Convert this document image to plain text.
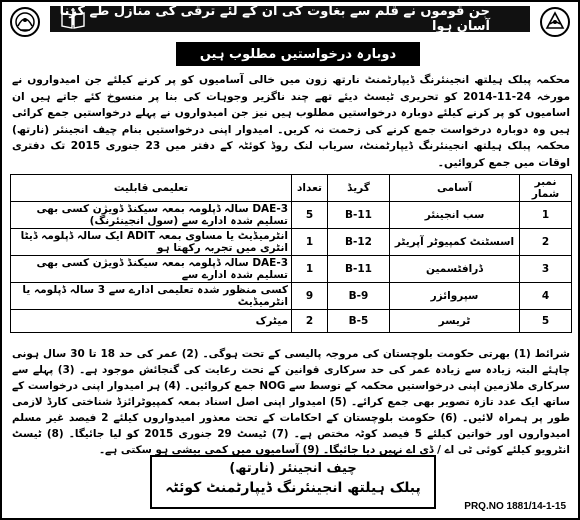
جن قوموں نے قلم سے بغاوت کی ان کے لئے ترقی کی منازل طے کرنا آسان ہوا
دوبارہ درخواستیں مطلوب ہیں

محکمہ پبلک ہیلتھ انجینئرنگ ڈیپارٹمنٹ نارتھ زون میں خالی آسامیوں کو پر کرنے کیلئے جن امیدواروں نے مورخہ 24-11-2014 کو تحریری ٹیسٹ دیئے تھے چند ناگزیر وجوہات کی بنا پر منسوخ کئے جاتے ہیں ان اسامیوں کو پر کرنے کیلئے دوبارہ درخواستیں مطلوب ہیں نیز جن امیدواروں نے پہلے درخواستیں جمع کرائی ہیں وہ دوبارہ درخواست جمع کرنے کی زحمت نہ کریں۔ امیدوار اپنی درخواستیں بنام چیف انجینئر (نارتھ) محکمہ پبلک ہیلتھ انجینئرنگ ڈیپارٹمنٹ، سریاب لنک روڈ کوئٹہ کے دفتر میں 23 جنوری 2015 تک دفتری اوقات میں جمع کروائیں۔

نمبر شمار	آسامی	گریڈ	تعداد	تعلیمی قابلیت
1	سب انجینئر	B-11	5	3-DAE سالہ ڈپلومہ بمعہ سیکنڈ ڈویژن کسی بھی تسلیم شدہ ادارے سے (سول انجینئرنگ)
2	اسسٹنٹ کمپیوٹر آپریٹر	B-12	1	انٹرمیڈیٹ یا مساوی بمعہ ADIT ایک سالہ ڈپلومہ ڈیٹا انٹری میں تجربہ رکھتا ہو
3	ڈرافٹسمین	B-11	1	3-DAE سالہ ڈپلومہ بمعہ سیکنڈ ڈویژن کسی بھی تسلیم شدہ ادارے سے
4	سپروائزر	B-9	9	کسی منظور شدہ تعلیمی ادارے سے 3 سالہ ڈپلومہ یا انٹرمیڈیٹ
5	ٹریسر	B-5	2	میٹرک

شرائط (1) بھرتی حکومت بلوچستان کی مروجہ پالیسی کے تحت ہوگی۔ (2) عمر کی حد 18 تا 30 سال ہونی چاہئے البتہ زیادہ سے زیادہ عمر کی حد سرکاری قوانین کے تحت رعایت کی گنجائش موجود ہے۔ (3) پہلے سے سرکاری ملازمین اپنی درخواستیں محکمہ کے توسط سے NOG جمع کروائیں۔ (4) ہر امیدوار اپنی درخواست کے ساتھ ایک عدد تازہ تصویر بھی جمع کرائے۔ (5) امیدوار اپنی اصل اسناد بمعہ کمپیوٹرائزڈ شناختی کارڈ لازمی طور پر ہمراہ لائیں۔ (6) حکومت بلوچستان کے احکامات کے تحت معذور امیدواروں کیلئے 2 فیصد غیر مسلم امیدواروں اور خواتین کیلئے 5 فیصد کوٹہ مختص ہے۔ (7) ٹیسٹ 29 جنوری 2015 کو لیا جائیگا۔ (8) ٹیسٹ انٹرویو کیلئے کوئی ٹی اے / ڈی اے نہیں دیا جائیگا۔ (9) آسامیوں میں کمی بیشی ہو سکتی ہے۔

چیف انجینئر (نارتھ)
پبلک ہیلتھ انجینئرنگ ڈیپارٹمنٹ کوئٹہ
PRQ.NO 1881/14-1-15
